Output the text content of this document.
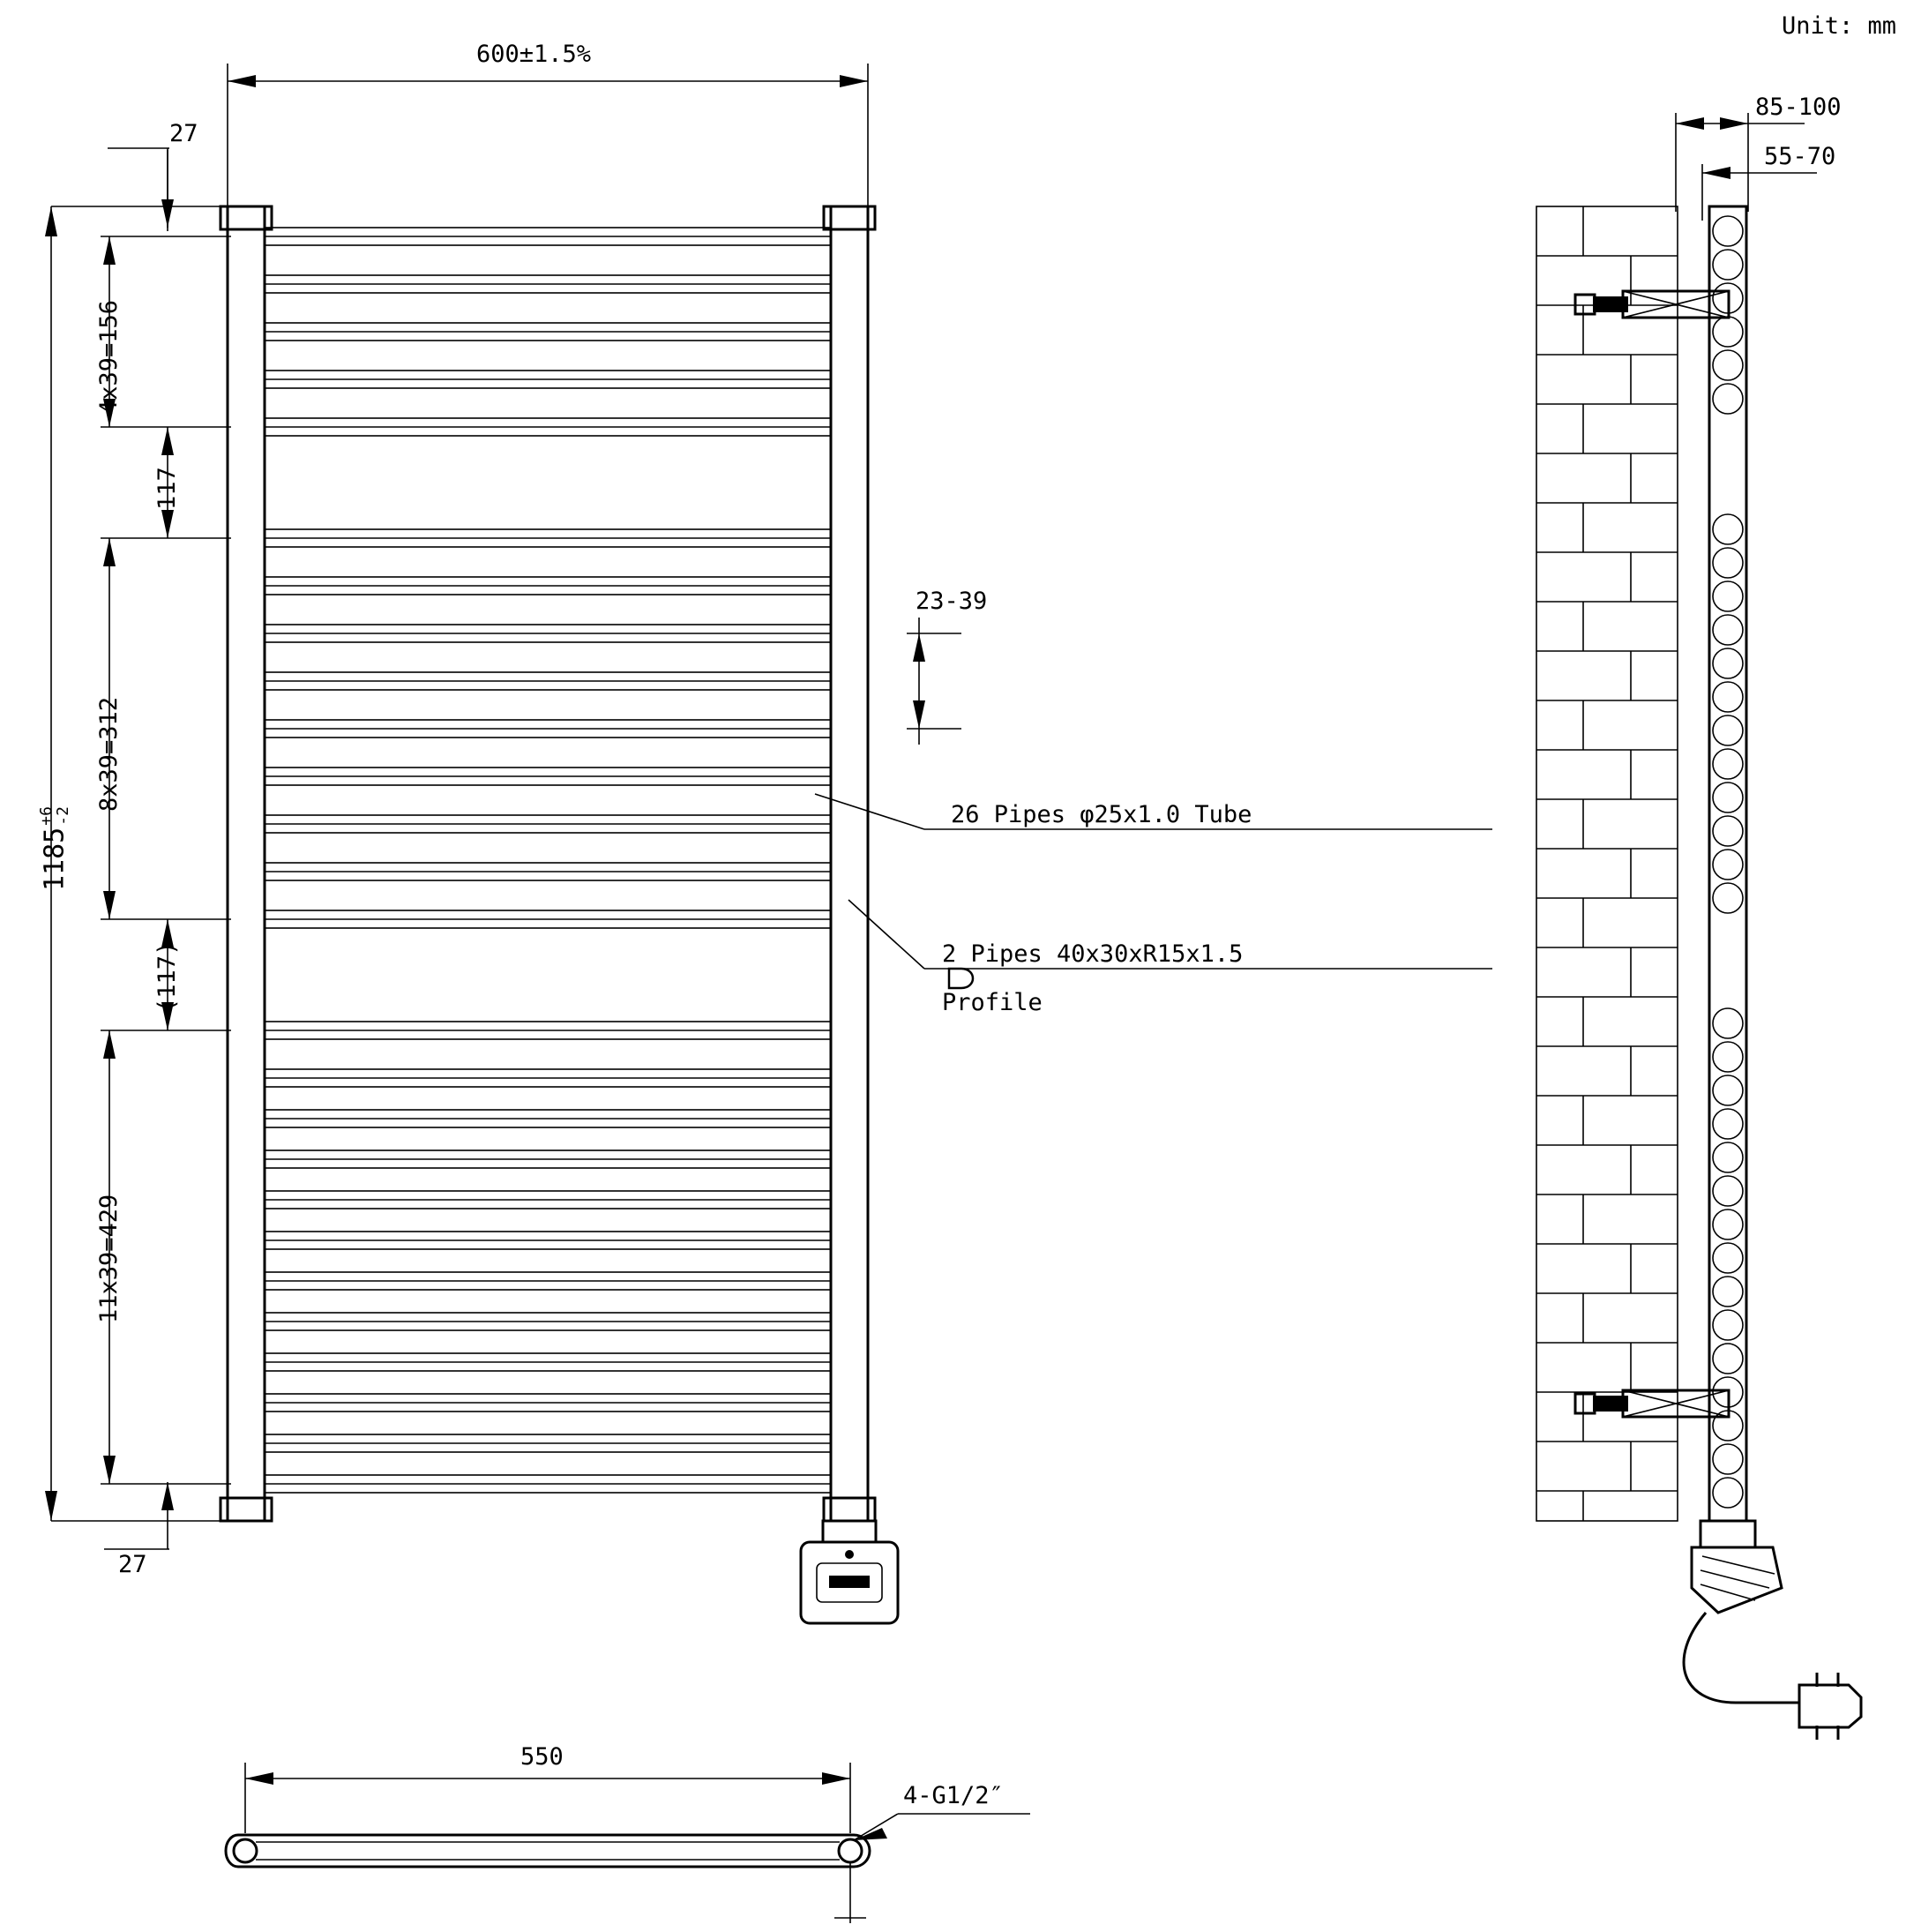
Unit: mm
600±1.5%
27
27
1185
+6
-2
4x39=156
117
8x39=312
(117)
11x39=429
23-39
26 Pipes φ25x1.0 Tube
2 Pipes 40x30xR15x1.5
Profile
85-100
55-70
550
4-G1/2″
